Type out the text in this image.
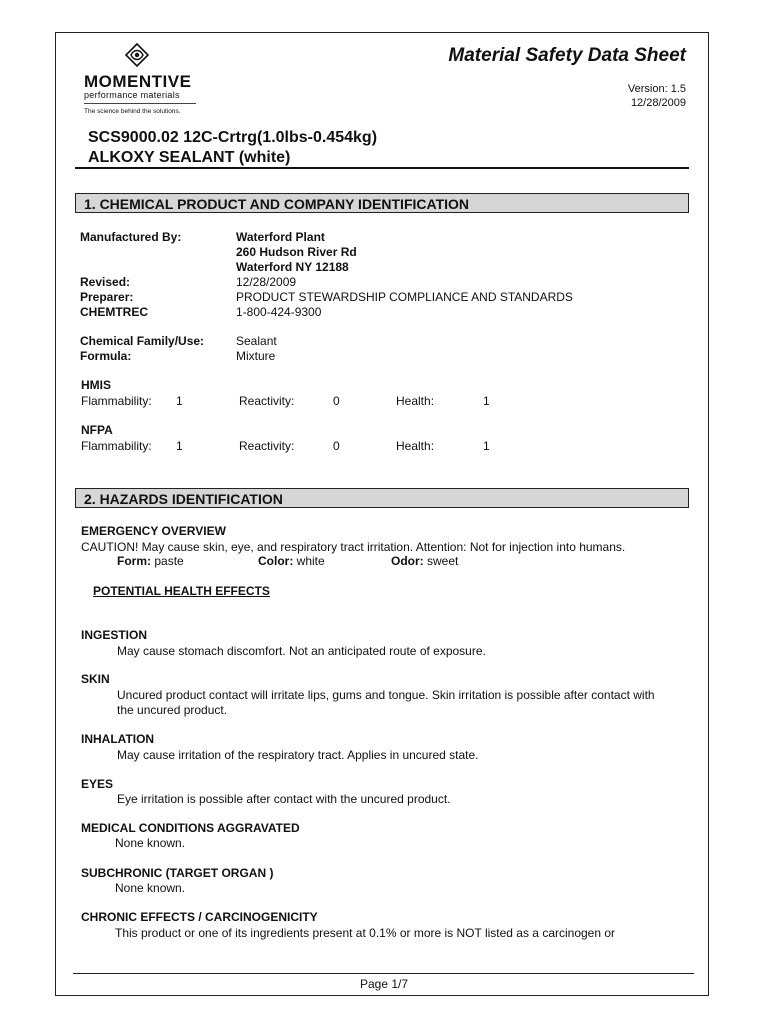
MOMENTIVE
performance materials
The science behind the solutions.
Material Safety Data Sheet
Version: 1.5
12/28/2009
SCS9000.02 12C-Crtrg(1.0lbs-0.454kg)
ALKOXY SEALANT (white)
1. CHEMICAL PRODUCT AND COMPANY IDENTIFICATION
Manufactured By:	Waterford Plant
260 Hudson River Rd
Waterford NY 12188
Revised:	12/28/2009
Preparer:	PRODUCT STEWARDSHIP COMPLIANCE AND STANDARDS
CHEMTREC	1-800-424-9300
Chemical Family/Use:	Sealant
Formula:	Mixture
HMIS
Flammability: 1	Reactivity:	0	Health:	1
NFPA
Flammability: 1	Reactivity:	0	Health:	1
2. HAZARDS IDENTIFICATION
EMERGENCY OVERVIEW
CAUTION! May cause skin, eye, and respiratory tract irritation. Attention: Not for injection into humans.
Form: paste	Color: white	Odor: sweet
POTENTIAL HEALTH EFFECTS
INGESTION
May cause stomach discomfort. Not an anticipated route of exposure.
SKIN
Uncured product contact will irritate lips, gums and tongue. Skin irritation is possible after contact with
the uncured product.
INHALATION
May cause irritation of the respiratory tract. Applies in uncured state.
EYES
Eye irritation is possible after contact with the uncured product.
MEDICAL CONDITIONS AGGRAVATED
None known.
SUBCHRONIC (TARGET ORGAN )
None known.
CHRONIC EFFECTS / CARCINOGENICITY
This product or one of its ingredients present at 0.1% or more is NOT listed as a carcinogen or
Page 1/7
